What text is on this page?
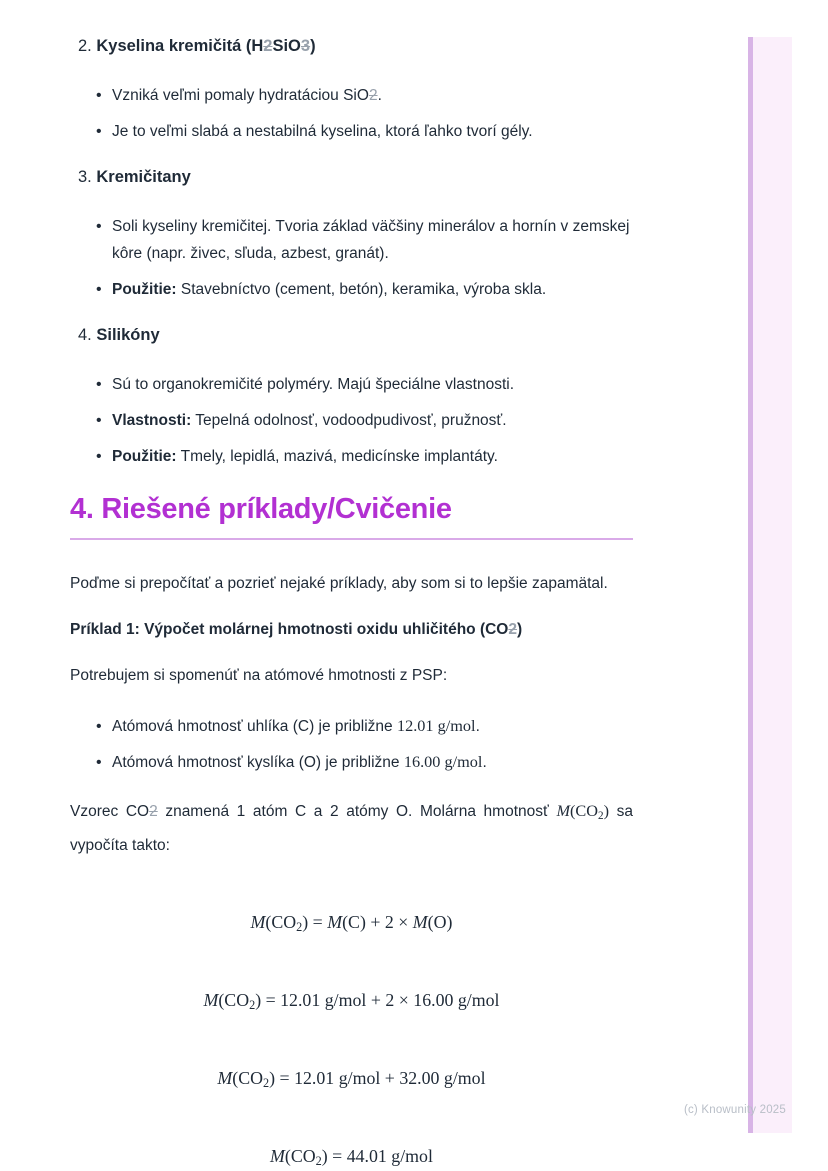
2. Kyselina kremičitá (H2SiO3)
• Vzniká veľmi pomaly hydratáciou SiO2.
• Je to veľmi slabá a nestabilná kyselina, ktorá ľahko tvorí gély.
3. Kremičitany
• Soli kyseliny kremičitej. Tvoria základ väčšiny minerálov a hornín v zemskej kôre (napr. živec, sľuda, azbest, granát).
• Použitie: Stavebníctvo (cement, betón), keramika, výroba skla.
4. Silikóny
• Sú to organokremičité polyméry. Majú špeciálne vlastnosti.
• Vlastnosti: Tepelná odolnosť, vodoodpudivosť, pružnosť.
• Použitie: Tmely, lepidlá, mazivá, medicínske implantáty.
4. Riešené príklady/Cvičenie

Poďme si prepočítať a pozrieť nejaké príklady, aby som si to lepšie zapamätal.

Príklad 1: Výpočet molárnej hmotnosti oxidu uhličitého (CO2)

Potrebujem si spomenúť na atómové hmotnosti z PSP:

• Atómová hmotnosť uhlíka (C) je približne 12.01 g/mol.
• Atómová hmotnosť kyslíka (O) je približne 16.00 g/mol.

Vzorec CO2 znamená 1 atóm C a 2 atómy O. Molárna hmotnosť M(CO2) sa vypočíta takto:

M(CO2) = M(C) + 2 × M(O)
M(CO2) = 12.01 g/mol + 2 × 16.00 g/mol
M(CO2) = 12.01 g/mol + 32.00 g/mol
M(CO2) = 44.01 g/mol
(c) Knowunity 2025
